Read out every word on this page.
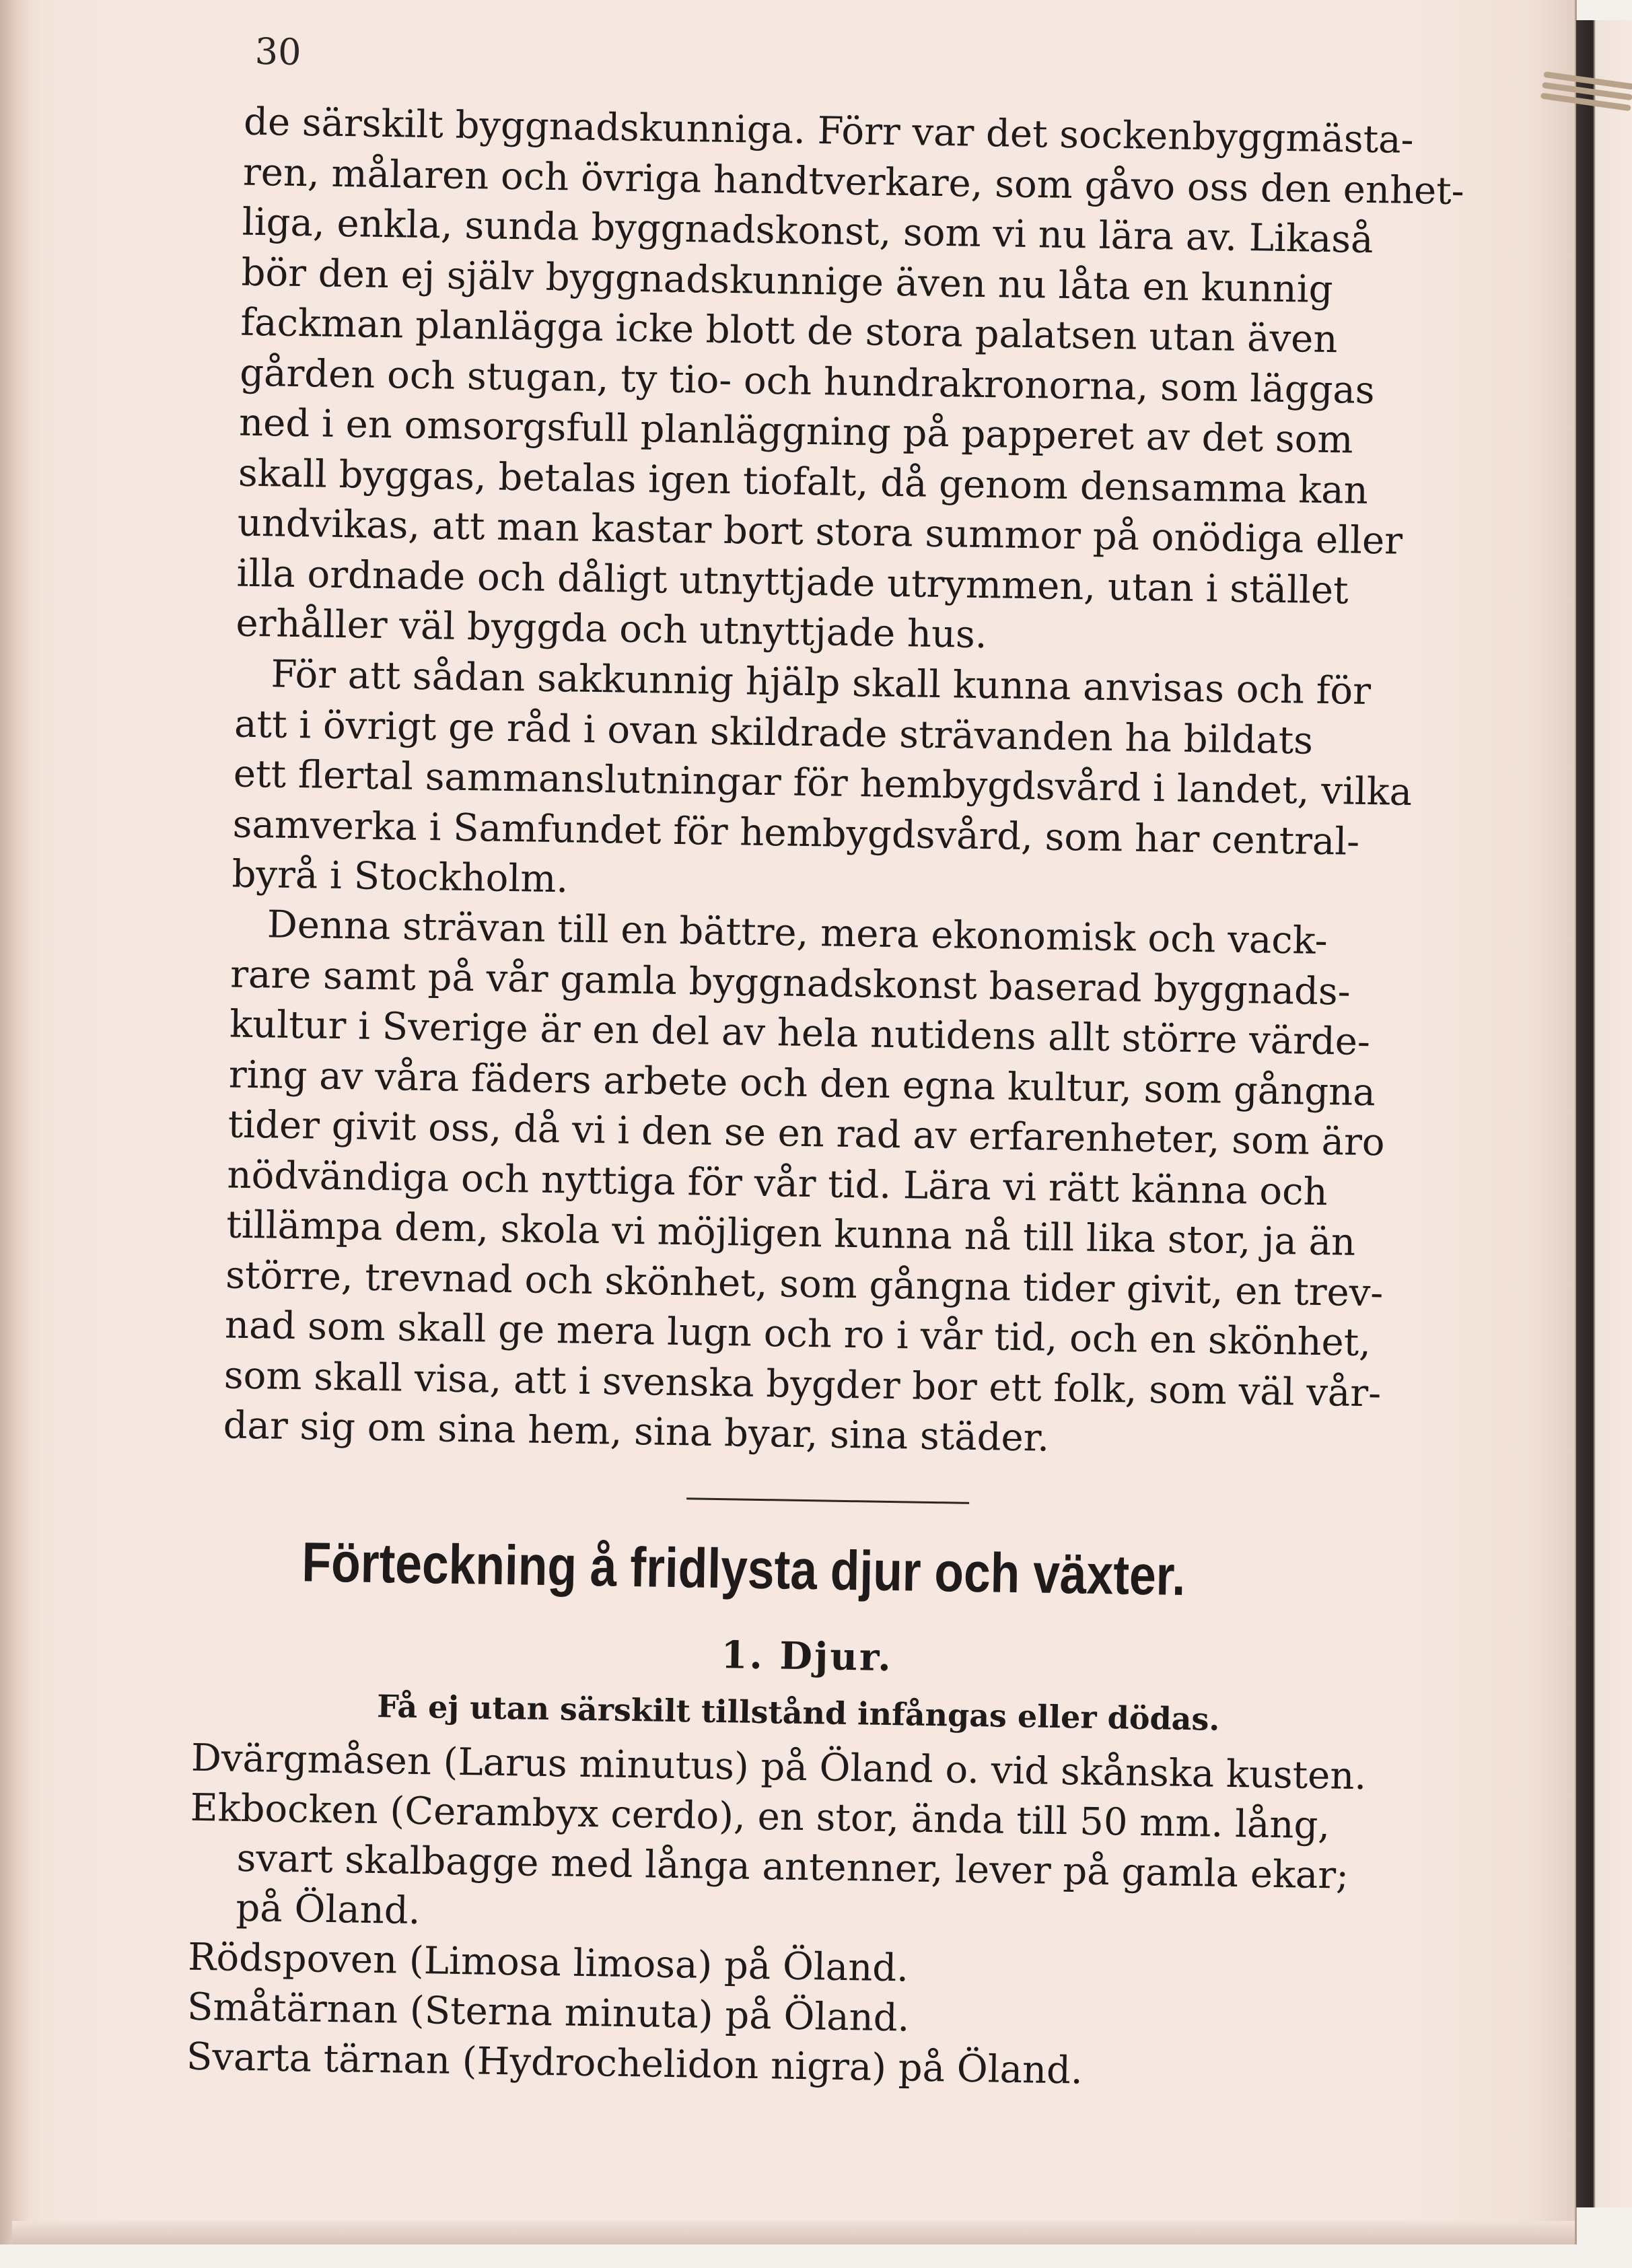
30

de särskilt byggnadskunniga. Förr var det sockenbyggmästa-
ren, målaren och övriga handtverkare, som gåvo oss den enhet-
liga, enkla, sunda byggnadskonst, som vi nu lära av. Likaså
bör den ej själv byggnadskunnige även nu låta en kunnig
fackman planlägga icke blott de stora palatsen utan även
gården och stugan, ty tio- och hundrakronorna, som läggas
ned i en omsorgsfull planläggning på papperet av det som
skall byggas, betalas igen tiofalt, då genom densamma kan
undvikas, att man kastar bort stora summor på onödiga eller
illa ordnade och dåligt utnyttjade utrymmen, utan i stället
erhåller väl byggda och utnyttjade hus.

För att sådan sakkunnig hjälp skall kunna anvisas och för
att i övrigt ge råd i ovan skildrade strävanden ha bildats
ett flertal sammanslutningar för hembygdsvård i landet, vilka
samverka i Samfundet för hembygdsvård, som har central-
byrå i Stockholm.

Denna strävan till en bättre, mera ekonomisk och vack-
rare samt på vår gamla byggnadskonst baserad byggnads-
kultur i Sverige är en del av hela nutidens allt större värde-
ring av våra fäders arbete och den egna kultur, som gångna
tider givit oss, då vi i den se en rad av erfarenheter, som äro
nödvändiga och nyttiga för vår tid. Lära vi rätt känna och
tillämpa dem, skola vi möjligen kunna nå till lika stor, ja än
större, trevnad och skönhet, som gångna tider givit, en trev-
nad som skall ge mera lugn och ro i vår tid, och en skönhet,
som skall visa, att i svenska bygder bor ett folk, som väl vår-
dar sig om sina hem, sina byar, sina städer.

Förteckning å fridlysta djur och växter.
1. Djur.
Få ej utan särskilt tillstånd infångas eller dödas.
Dvärgmåsen (Larus minutus) på Öland o. vid skånska kusten.
Ekbocken (Cerambyx cerdo), en stor, ända till 50 mm. lång,
svart skalbagge med långa antenner, lever på gamla ekar;
på Öland.
Rödspoven (Limosa limosa) på Öland.
Småtärnan (Sterna minuta) på Öland.
Svarta tärnan (Hydrochelidon nigra) på Öland.
